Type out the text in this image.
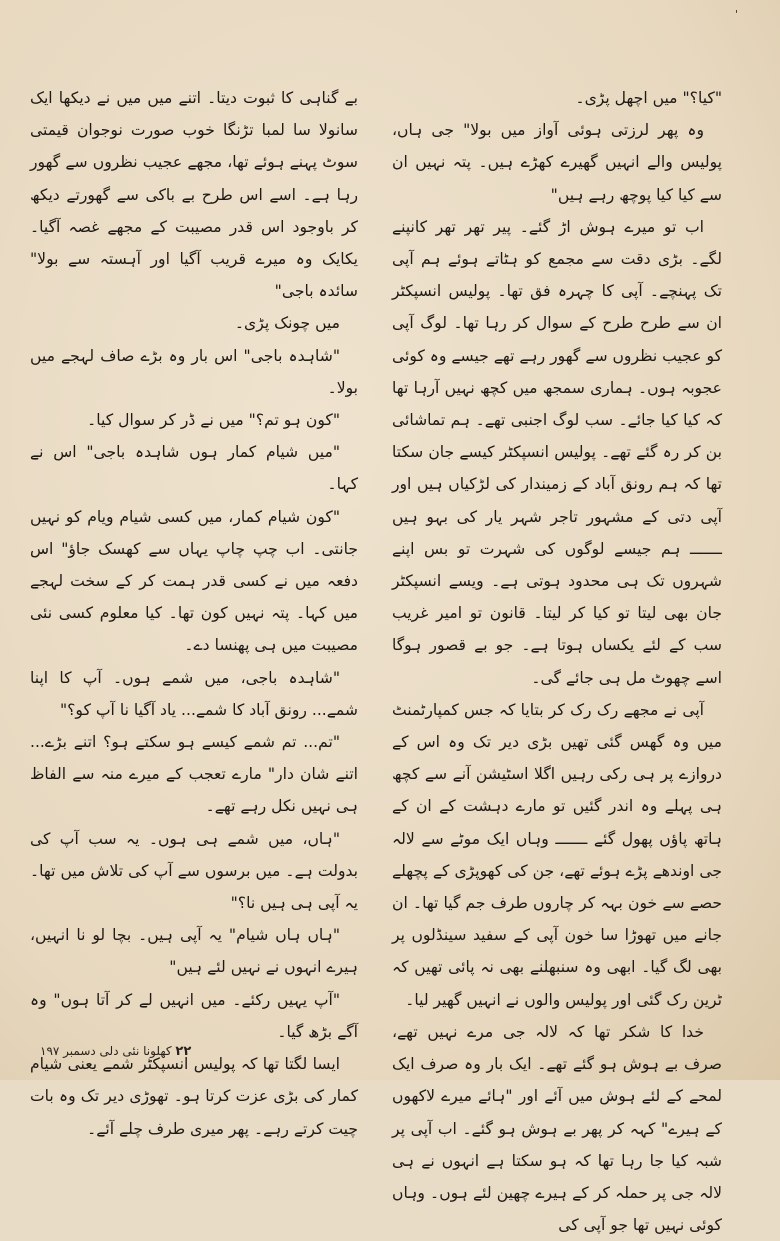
'

"کیا؟" میں اچھل پڑی۔

وہ پھر لرزتی ہوئی آواز میں بولا" جی ہاں، پولیس والے انہیں گھیرے کھڑے ہیں۔ پتہ نہیں ان سے کیا کیا پوچھ رہے ہیں"

اب تو میرے ہوش اڑ گئے۔ پیر تھر تھر کانپنے لگے۔ بڑی دقت سے مجمع کو ہٹاتے ہوئے ہم آپی تک پہنچے۔ آپی کا چہرہ فق تھا۔ پولیس انسپکٹر ان سے طرح طرح کے سوال کر رہا تھا۔ لوگ آپی کو عجیب نظروں سے گھور رہے تھے جیسے وہ کوئی عجوبہ ہوں۔ ہماری سمجھ میں کچھ نہیں آرہا تھا کہ کیا کیا جائے۔ سب لوگ اجنبی تھے۔ ہم تماشائی بن کر رہ گئے تھے۔ پولیس انسپکٹر کیسے جان سکتا تھا کہ ہم رونق آباد کے زمیندار کی لڑکیاں ہیں اور آپی دتی کے مشہور تاجر شہر یار کی بہو ہیں ـــــــ ہم جیسے لوگوں کی شہرت تو بس اپنے شہروں تک ہی محدود ہوتی ہے۔ ویسے انسپکٹر جان بھی لیتا تو کیا کر لیتا۔ قانون تو امیر غریب سب کے لئے یکساں ہوتا ہے۔ جو بے قصور ہوگا اسے چھوٹ مل ہی جائے گی۔

آپی نے مجھے رک رک کر بتایا کہ جس کمپارٹمنٹ میں وہ گھس گئی تھیں بڑی دیر تک وہ اس کے دروازے پر ہی رکی رہیں اگلا اسٹیشن آنے سے کچھ ہی پہلے وہ اندر گئیں تو مارے دہشت کے ان کے ہاتھ پاؤں پھول گئے ـــــــ وہاں ایک موٹے سے لالہ جی اوندھے پڑے ہوئے تھے، جن کی کھوپڑی کے پچھلے حصے سے خون بہہ کر چاروں طرف جم گیا تھا۔ ان جانے میں تھوڑا سا خون آپی کے سفید سینڈلوں پر بھی لگ گیا۔ ابھی وہ سنبھلنے بھی نہ پائی تھیں کہ ٹرین رک گئی اور پولیس والوں نے انہیں گھیر لیا۔

خدا کا شکر تھا کہ لالہ جی مرے نہیں تھے، صرف بے ہوش ہو گئے تھے۔ ایک بار وہ صرف ایک لمحے کے لئے ہوش میں آئے اور "ہائے میرے لاکھوں کے ہیرے" کہہ کر پھر بے ہوش ہو گئے۔ اب آپی پر شبہ کیا جا رہا تھا کہ ہو سکتا ہے انہوں نے ہی لالہ جی پر حملہ کر کے ہیرے چھین لئے ہوں۔ وہاں کوئی نہیں تھا جو آپی کی

بے گناہی کا ثبوت دیتا۔ اتنے میں میں نے دیکھا ایک سانولا سا لمبا تڑنگا خوب صورت نوجوان قیمتی سوٹ پہنے ہوئے تھا، مجھے عجیب نظروں سے گھور رہا ہے۔ اسے اس طرح بے باکی سے گھورتے دیکھ کر باوجود اس قدر مصیبت کے مجھے غصہ آگیا۔ یکایک وہ میرے قریب آگیا اور آہستہ سے بولا" سائدہ باجی"

میں چونک پڑی۔

"شاہدہ باجی" اس بار وہ بڑے صاف لہجے میں بولا۔

"کون ہو تم؟" میں نے ڈر کر سوال کیا۔

"میں شیام کمار ہوں شاہدہ باجی" اس نے کہا۔

"کون شیام کمار، میں کسی شیام ویام کو نہیں جانتی۔ اب چپ چاپ یہاں سے کھسک جاؤ" اس دفعہ میں نے کسی قدر ہمت کر کے سخت لہجے میں کہا۔ پتہ نہیں کون تھا۔ کیا معلوم کسی نئی مصیبت میں ہی پھنسا دے۔

"شاہدہ باجی، میں شمے ہوں۔ آپ کا اپنا شمے... رونق آباد کا شمے... یاد آگیا نا آپ کو؟"

"تم... تم شمے کیسے ہو سکتے ہو؟ اتنے بڑے... اتنے شان دار" مارے تعجب کے میرے منہ سے الفاظ ہی نہیں نکل رہے تھے۔

"ہاں، میں شمے ہی ہوں۔ یہ سب آپ کی بدولت ہے۔ میں برسوں سے آپ کی تلاش میں تھا۔ یہ آپی ہی ہیں نا؟"

"ہاں ہاں شیام" یہ آپی ہیں۔ بچا لو نا انہیں، ہیرے انہوں نے نہیں لئے ہیں"

"آپ یہیں رکئے۔ میں انہیں لے کر آتا ہوں" وہ آگے بڑھ گیا۔

ایسا لگتا تھا کہ پولیس انسپکٹر شمے یعنی شیام کمار کی بڑی عزت کرتا ہو۔ تھوڑی دیر تک وہ بات چیت کرتے رہے۔ پھر میری طرف چلے آئے۔

۲۲ کھلونا نئی دلی دسمبر ۱۹۷
